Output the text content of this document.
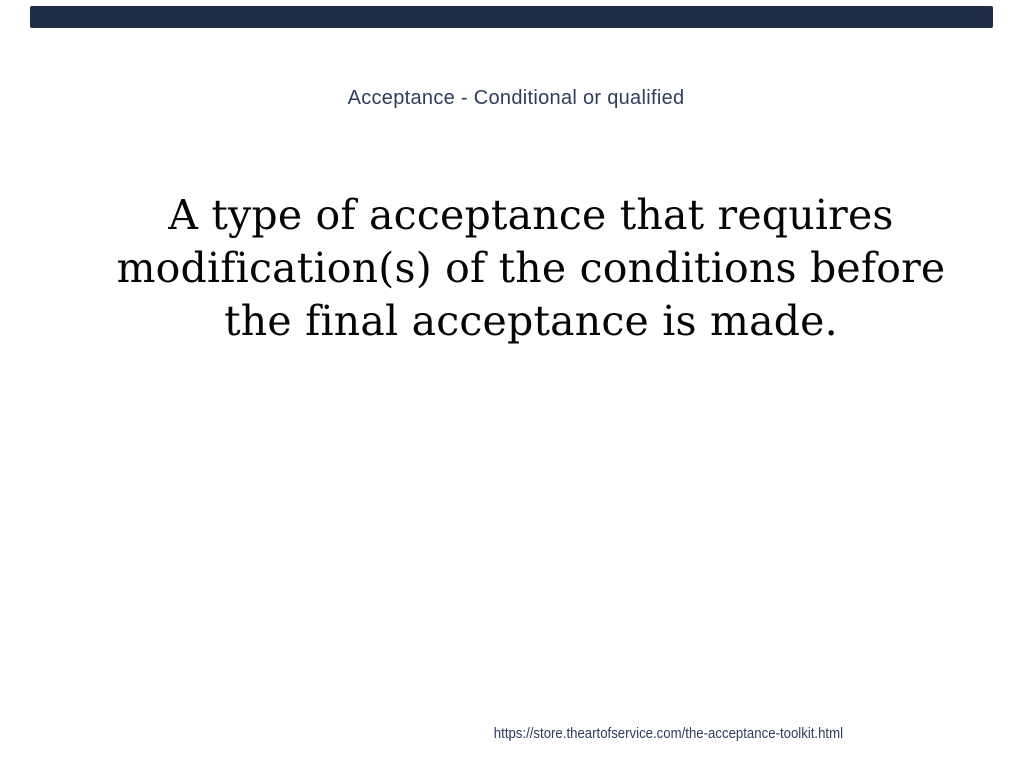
Acceptance - Conditional or qualified
A type of acceptance that requires
modification(s) of the conditions before
the final acceptance is made.
https://store.theartofservice.com/the-acceptance-toolkit.html
